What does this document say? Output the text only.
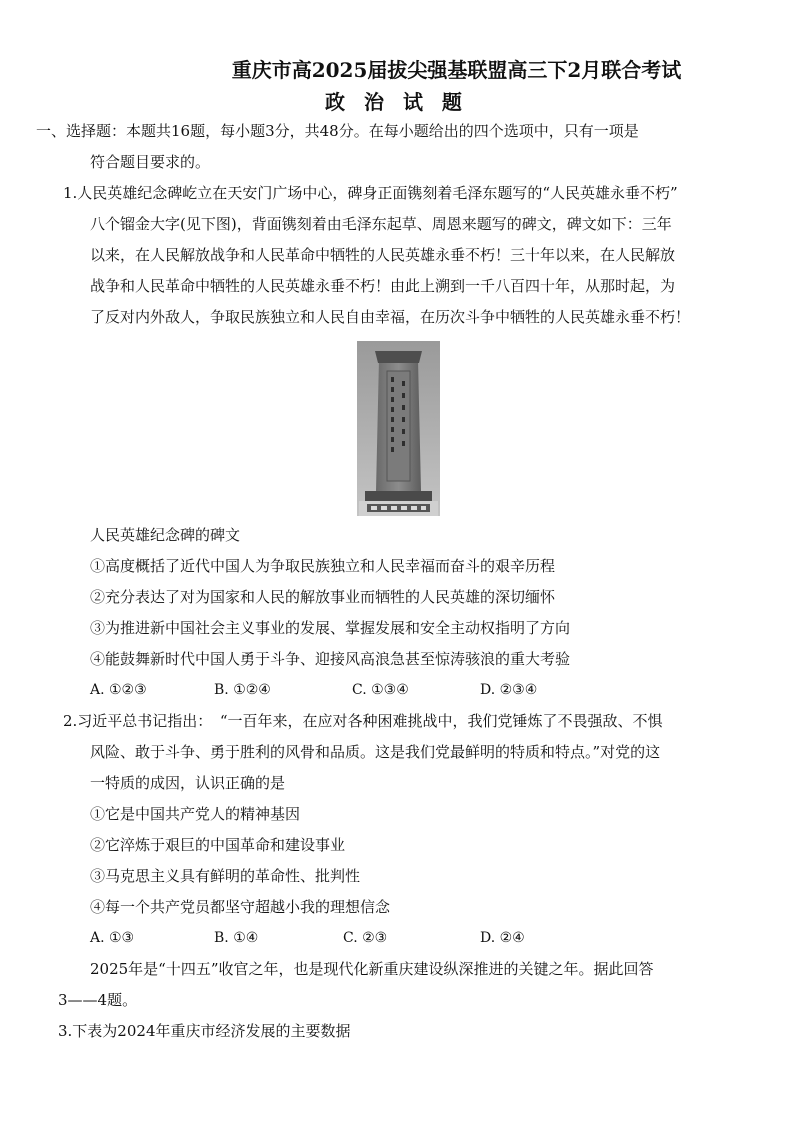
重庆市高2025届拔尖强基联盟高三下2月联合考试
政 治 试 题
一、选择题：本题共16题，每小题3分，共48分。在每小题给出的四个选项中，只有一项是
符合题目要求的。
1.人民英雄纪念碑屹立在天安门广场中心，碑身正面镌刻着毛泽东题写的“人民英雄永垂不朽”
八个镏金大字(见下图)，背面镌刻着由毛泽东起草、周恩来题写的碑文，碑文如下：三年
以来，在人民解放战争和人民革命中牺牲的人民英雄永垂不朽！三十年以来，在人民解放
战争和人民革命中牺牲的人民英雄永垂不朽！由此上溯到一千八百四十年，从那时起，为
了反对内外敌人，争取民族独立和人民自由幸福，在历次斗争中牺牲的人民英雄永垂不朽！
人民英雄纪念碑的碑文
①高度概括了近代中国人为争取民族独立和人民幸福而奋斗的艰辛历程
②充分表达了对为国家和人民的解放事业而牺牲的人民英雄的深切缅怀
③为推进新中国社会主义事业的发展、掌握发展和安全主动权指明了方向
④能鼓舞新时代中国人勇于斗争、迎接风高浪急甚至惊涛骇浪的重大考验
A. ①②③	B. ①②④	C. ①③④	D. ②③④
2.习近平总书记指出：　“一百年来，在应对各种困难挑战中，我们党锤炼了不畏强敌、不惧
风险、敢于斗争、勇于胜利的风骨和品质。这是我们党最鲜明的特质和特点。”对党的这
一特质的成因，认识正确的是
①它是中国共产党人的精神基因
②它淬炼于艰巨的中国革命和建设事业
③马克思主义具有鲜明的革命性、批判性
④每一个共产党员都坚守超越小我的理想信念
A. ①③	B. ①④	C. ②③	D. ②④
2025年是“十四五”收官之年，也是现代化新重庆建设纵深推进的关键之年。据此回答
3——4题。
3.下表为2024年重庆市经济发展的主要数据
